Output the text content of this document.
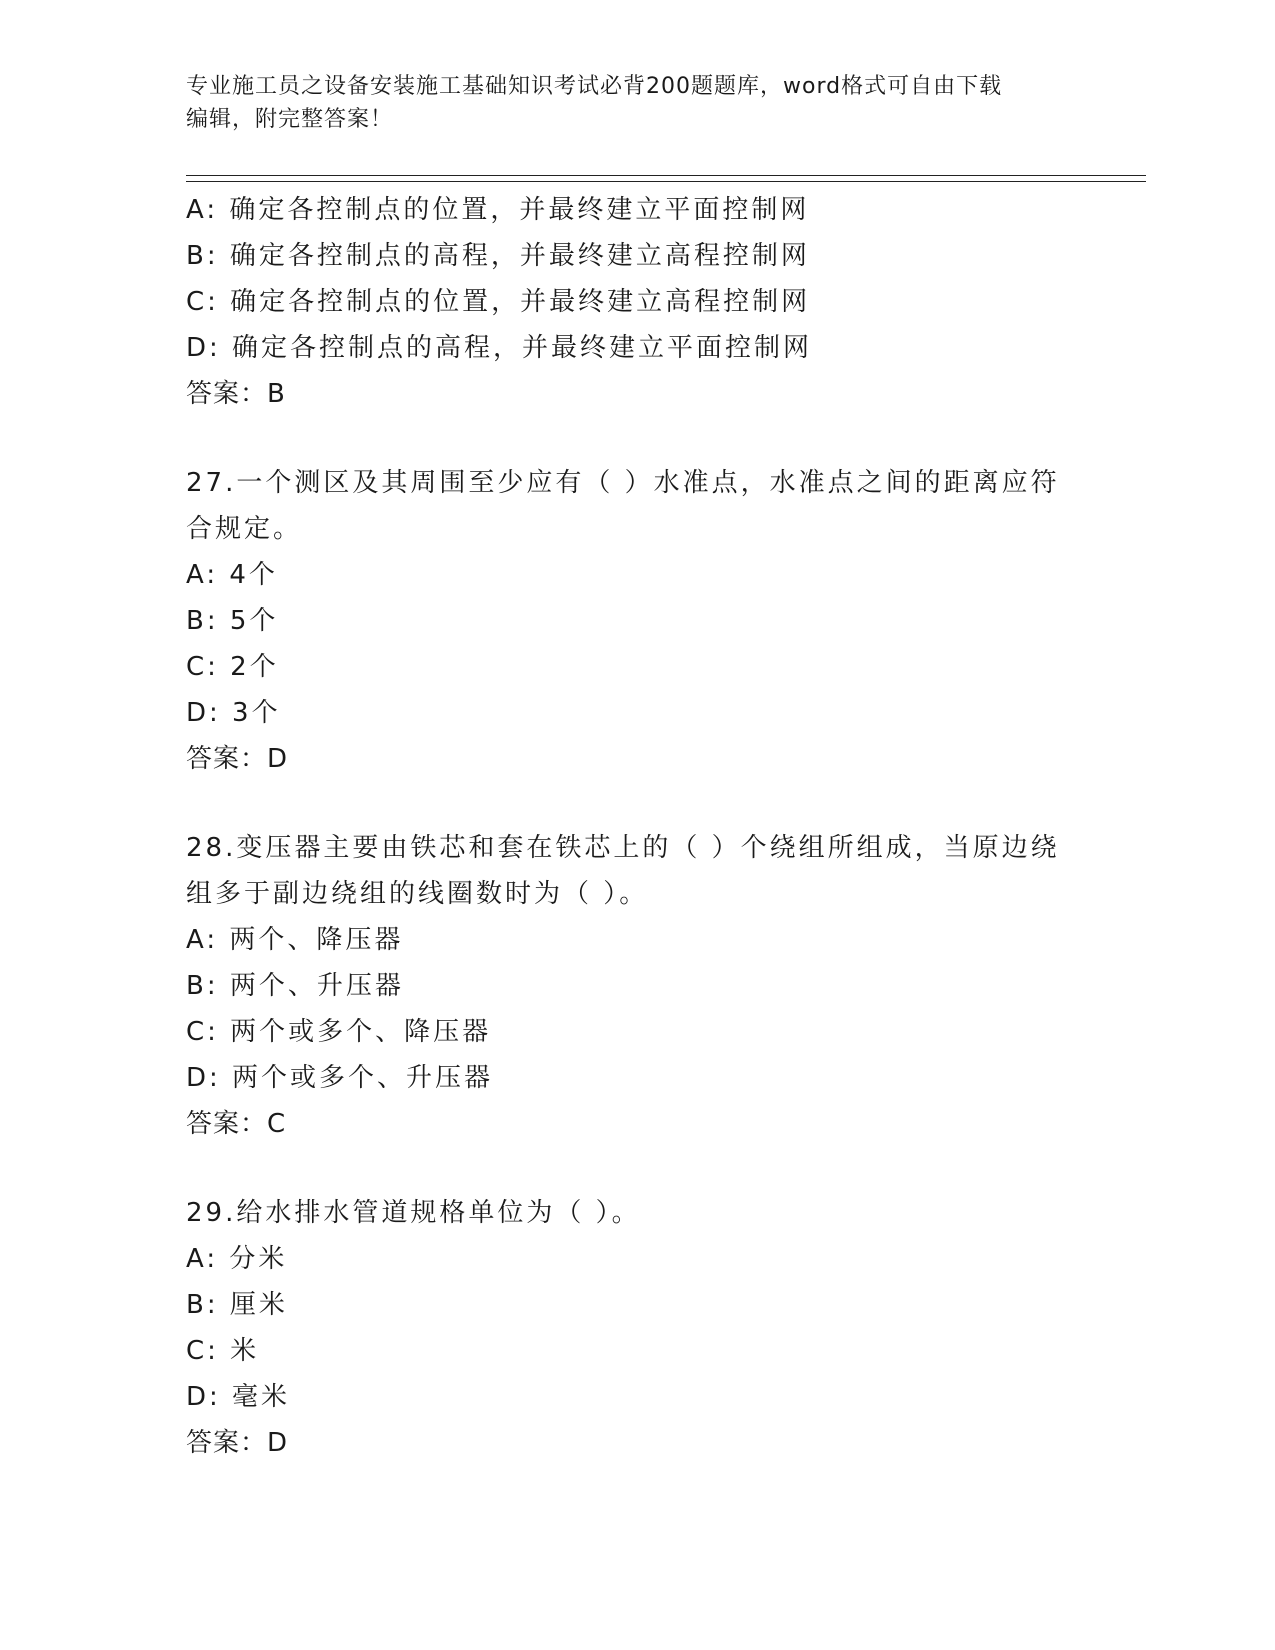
专业施工员之设备安装施工基础知识考试必背200题题库，word格式可自由下载
编辑，附完整答案！
A: 确定各控制点的位置，并最终建立平面控制网
B: 确定各控制点的高程，并最终建立高程控制网
C: 确定各控制点的位置，并最终建立高程控制网
D: 确定各控制点的高程，并最终建立平面控制网
答案：B
27.一个测区及其周围至少应有（ ）水准点，水准点之间的距离应符
合规定。
A: 4个
B: 5个
C: 2个
D: 3个
答案：D
28.变压器主要由铁芯和套在铁芯上的（ ）个绕组所组成，当原边绕
组多于副边绕组的线圈数时为（ ）。
A: 两个、降压器
B: 两个、升压器
C: 两个或多个、降压器
D: 两个或多个、升压器
答案：C
29.给水排水管道规格单位为（ ）。
A: 分米
B: 厘米
C: 米
D: 毫米
答案：D
